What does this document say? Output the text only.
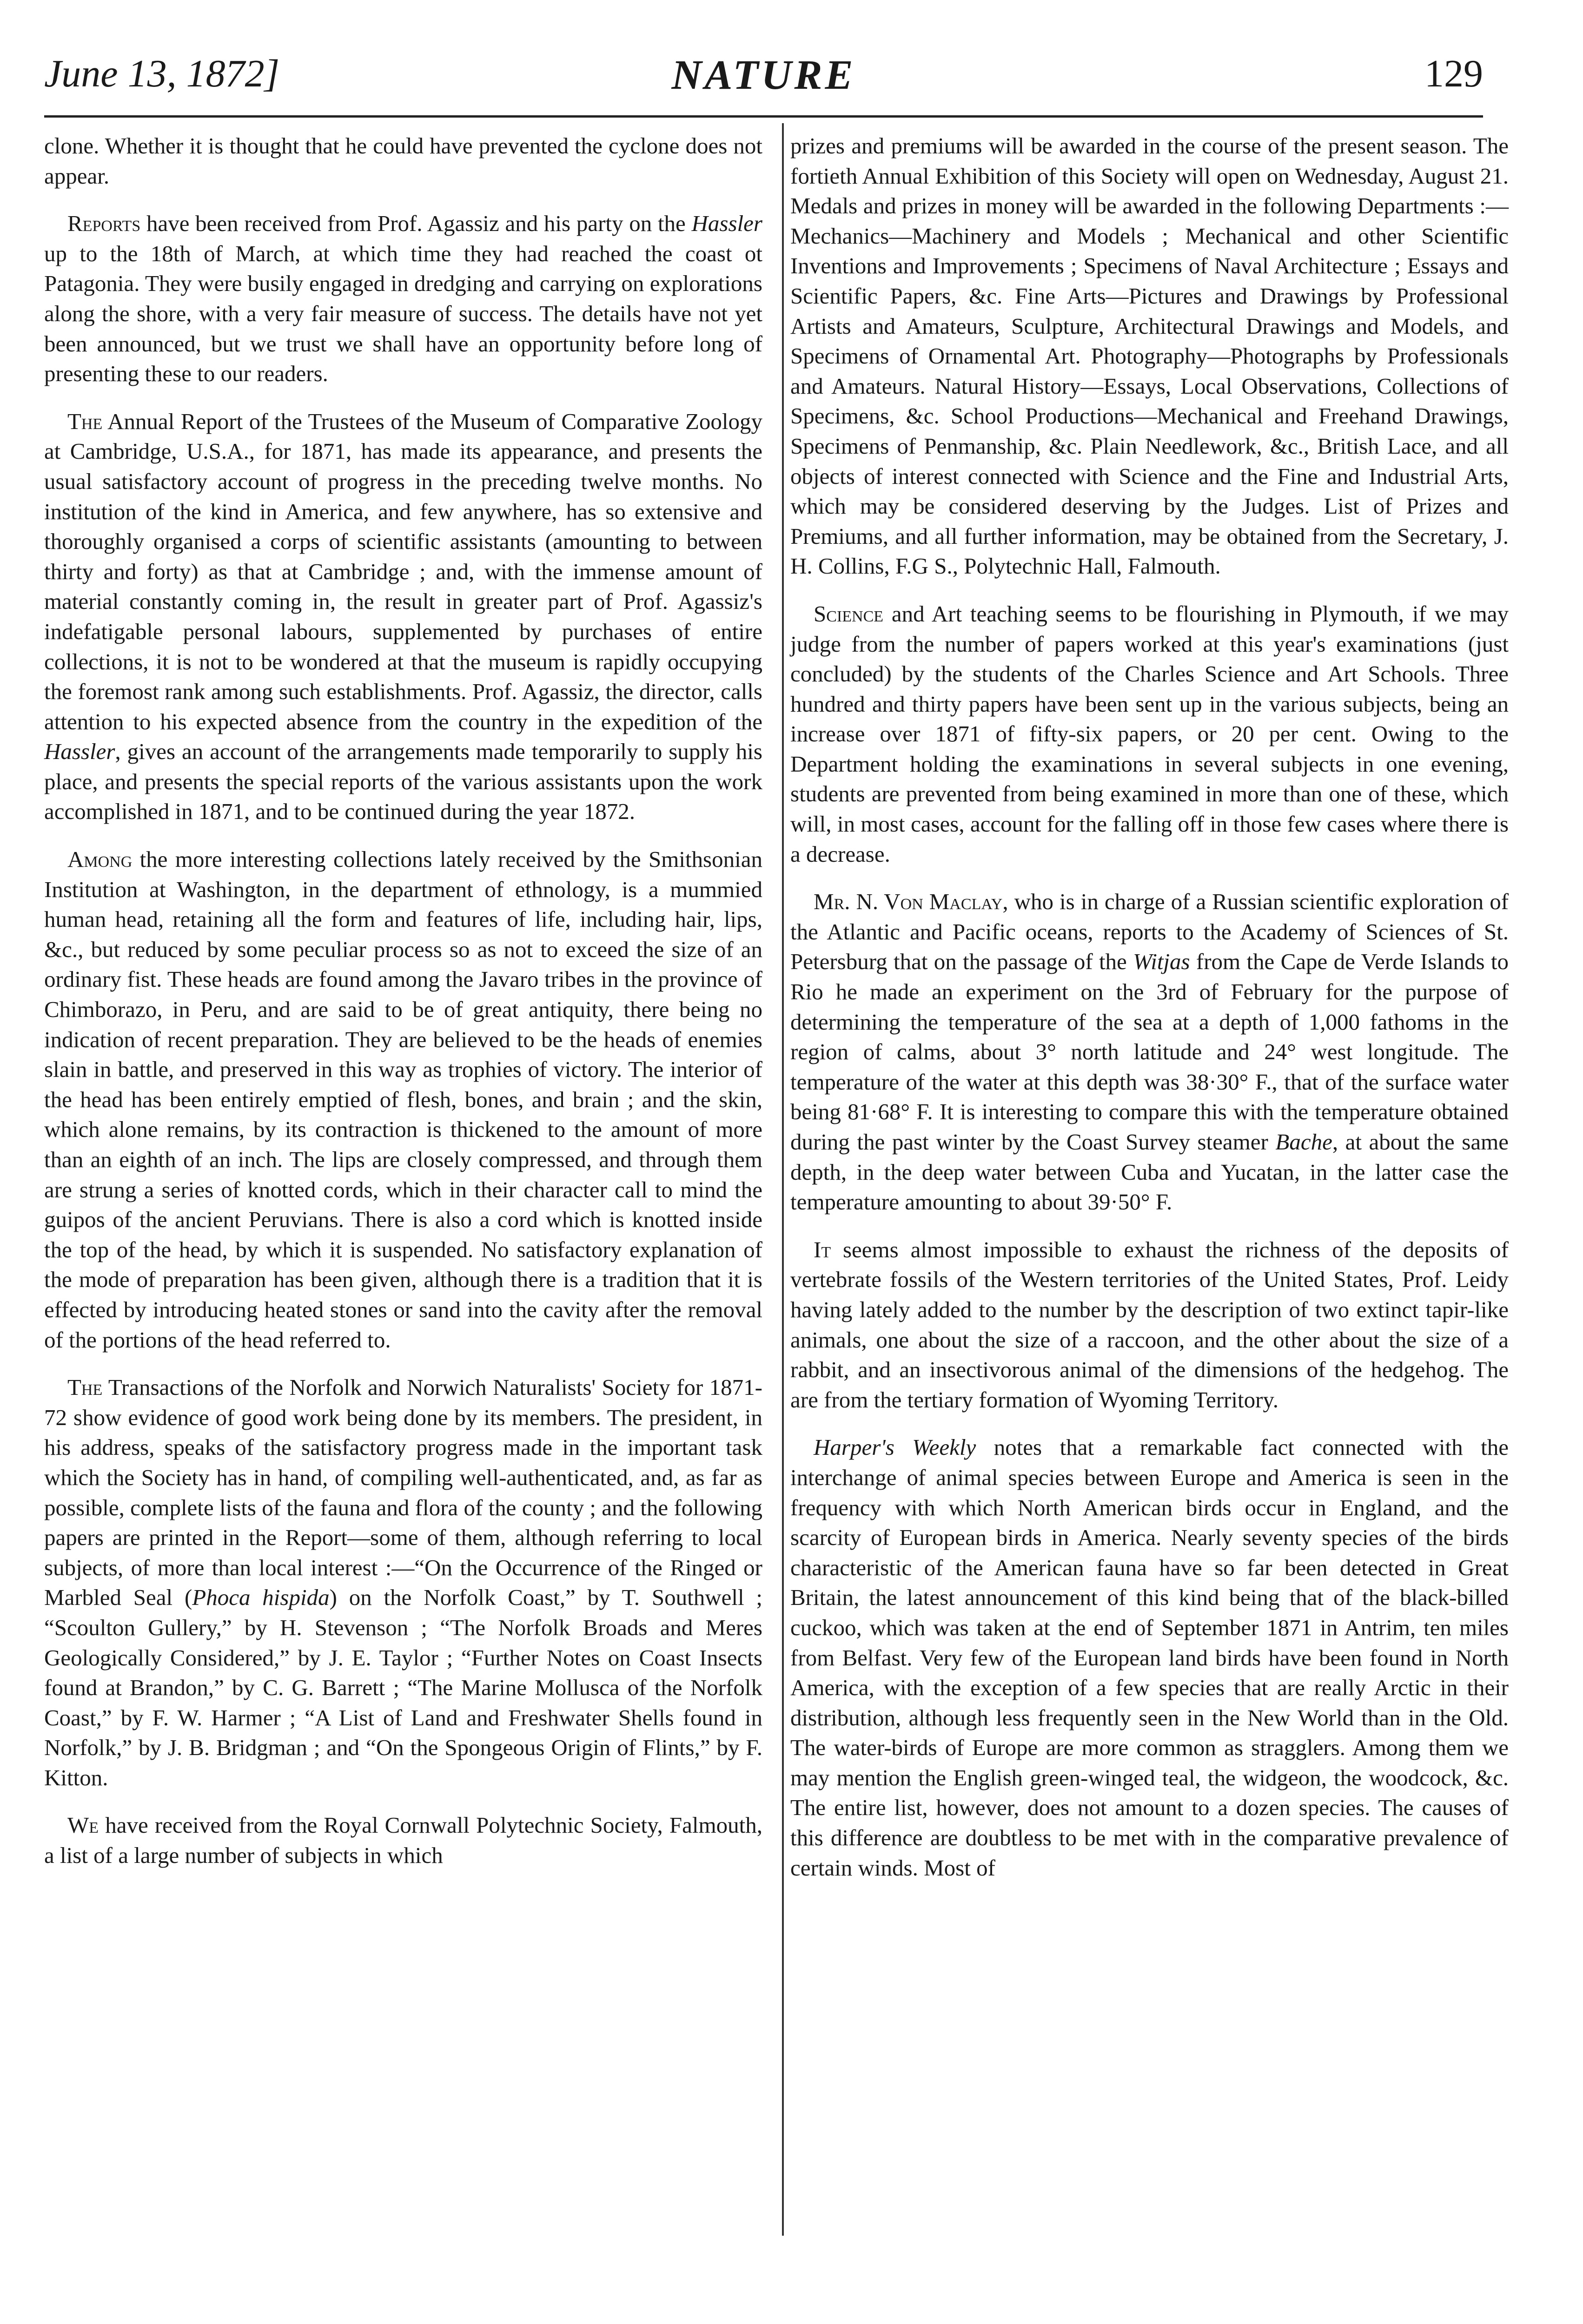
June 13, 1872]	NATURE	129

clone. Whether it is thought that he could have prevented the cyclone does not appear.

Reports have been received from Prof. Agassiz and his party on the Hassler up to the 18th of March, at which time they had reached the coast ot Patagonia. They were busily engaged in dredging and carrying on explorations along the shore, with a very fair measure of success. The details have not yet been announced, but we trust we shall have an opportunity before long of presenting these to our readers.

The Annual Report of the Trustees of the Museum of Comparative Zoology at Cambridge, U.S.A., for 1871, has made its appearance, and presents the usual satisfactory account of progress in the preceding twelve months. No institution of the kind in America, and few anywhere, has so extensive and thoroughly organised a corps of scientific assistants (amounting to between thirty and forty) as that at Cambridge ; and, with the immense amount of material constantly coming in, the result in greater part of Prof. Agassiz's indefatigable personal labours, supplemented by purchases of entire collections, it is not to be wondered at that the museum is rapidly occupying the foremost rank among such establishments. Prof. Agassiz, the director, calls attention to his expected absence from the country in the expedition of the Hassler, gives an account of the arrangements made temporarily to supply his place, and presents the special reports of the various assistants upon the work accomplished in 1871, and to be continued during the year 1872.

Among the more interesting collections lately received by the Smithsonian Institution at Washington, in the department of ethnology, is a mummied human head, retaining all the form and features of life, including hair, lips, &c., but reduced by some peculiar process so as not to exceed the size of an ordinary fist. These heads are found among the Javaro tribes in the province of Chimborazo, in Peru, and are said to be of great antiquity, there being no indication of recent preparation. They are believed to be the heads of enemies slain in battle, and preserved in this way as trophies of victory. The interior of the head has been entirely emptied of flesh, bones, and brain ; and the skin, which alone remains, by its contraction is thickened to the amount of more than an eighth of an inch. The lips are closely compressed, and through them are strung a series of knotted cords, which in their character call to mind the guipos of the ancient Peruvians. There is also a cord which is knotted inside the top of the head, by which it is suspended. No satisfactory explanation of the mode of preparation has been given, although there is a tradition that it is effected by introducing heated stones or sand into the cavity after the removal of the portions of the head referred to.

The Transactions of the Norfolk and Norwich Naturalists' Society for 1871-72 show evidence of good work being done by its members. The president, in his address, speaks of the satisfactory progress made in the important task which the Society has in hand, of compiling well-authenticated, and, as far as possible, complete lists of the fauna and flora of the county ; and the following papers are printed in the Report—some of them, although referring to local subjects, of more than local interest :—“On the Occurrence of the Ringed or Marbled Seal (Phoca hispida) on the Norfolk Coast,” by T. Southwell ; “Scoulton Gullery,” by H. Stevenson ; “The Norfolk Broads and Meres Geologically Considered,” by J. E. Taylor ; “Further Notes on Coast Insects found at Brandon,” by C. G. Barrett ; “The Marine Mollusca of the Norfolk Coast,” by F. W. Harmer ; “A List of Land and Freshwater Shells found in Norfolk,” by J. B. Bridgman ; and “On the Spongeous Origin of Flints,” by F. Kitton.

We have received from the Royal Cornwall Polytechnic Society, Falmouth, a list of a large number of subjects in which

prizes and premiums will be awarded in the course of the present season. The fortieth Annual Exhibition of this Society will open on Wednesday, August 21. Medals and prizes in money will be awarded in the following Departments :—Mechanics—Machinery and Models ; Mechanical and other Scientific Inventions and Improvements ; Specimens of Naval Architecture ; Essays and Scientific Papers, &c. Fine Arts—Pictures and Drawings by Professional Artists and Amateurs, Sculpture, Architectural Drawings and Models, and Specimens of Ornamental Art. Photography—Photographs by Professionals and Amateurs. Natural History—Essays, Local Observations, Collections of Specimens, &c. School Productions—Mechanical and Freehand Drawings, Specimens of Penmanship, &c. Plain Needlework, &c., British Lace, and all objects of interest connected with Science and the Fine and Industrial Arts, which may be considered deserving by the Judges. List of Prizes and Premiums, and all further information, may be obtained from the Secretary, J. H. Collins, F.G S., Polytechnic Hall, Falmouth.

Science and Art teaching seems to be flourishing in Plymouth, if we may judge from the number of papers worked at this year's examinations (just concluded) by the students of the Charles Science and Art Schools. Three hundred and thirty papers have been sent up in the various subjects, being an increase over 1871 of fifty-six papers, or 20 per cent. Owing to the Department holding the examinations in several subjects in one evening, students are prevented from being examined in more than one of these, which will, in most cases, account for the falling off in those few cases where there is a decrease.

Mr. N. Von Maclay, who is in charge of a Russian scientific exploration of the Atlantic and Pacific oceans, reports to the Academy of Sciences of St. Petersburg that on the passage of the Witjas from the Cape de Verde Islands to Rio he made an experiment on the 3rd of February for the purpose of determining the temperature of the sea at a depth of 1,000 fathoms in the region of calms, about 3° north latitude and 24° west longitude. The temperature of the water at this depth was 38·30° F., that of the surface water being 81·68° F. It is interesting to compare this with the temperature obtained during the past winter by the Coast Survey steamer Bache, at about the same depth, in the deep water between Cuba and Yucatan, in the latter case the temperature amounting to about 39·50° F.

It seems almost impossible to exhaust the richness of the deposits of vertebrate fossils of the Western territories of the United States, Prof. Leidy having lately added to the number by the description of two extinct tapir-like animals, one about the size of a raccoon, and the other about the size of a rabbit, and an insectivorous animal of the dimensions of the hedgehog. The are from the tertiary formation of Wyoming Territory.

Harper's Weekly notes that a remarkable fact connected with the interchange of animal species between Europe and America is seen in the frequency with which North American birds occur in England, and the scarcity of European birds in America. Nearly seventy species of the birds characteristic of the American fauna have so far been detected in Great Britain, the latest announcement of this kind being that of the black-billed cuckoo, which was taken at the end of September 1871 in Antrim, ten miles from Belfast. Very few of the European land birds have been found in North America, with the exception of a few species that are really Arctic in their distribution, although less frequently seen in the New World than in the Old. The water-birds of Europe are more common as stragglers. Among them we may mention the English green-winged teal, the widgeon, the woodcock, &c. The entire list, however, does not amount to a dozen species. The causes of this difference are doubtless to be met with in the comparative prevalence of certain winds. Most of
